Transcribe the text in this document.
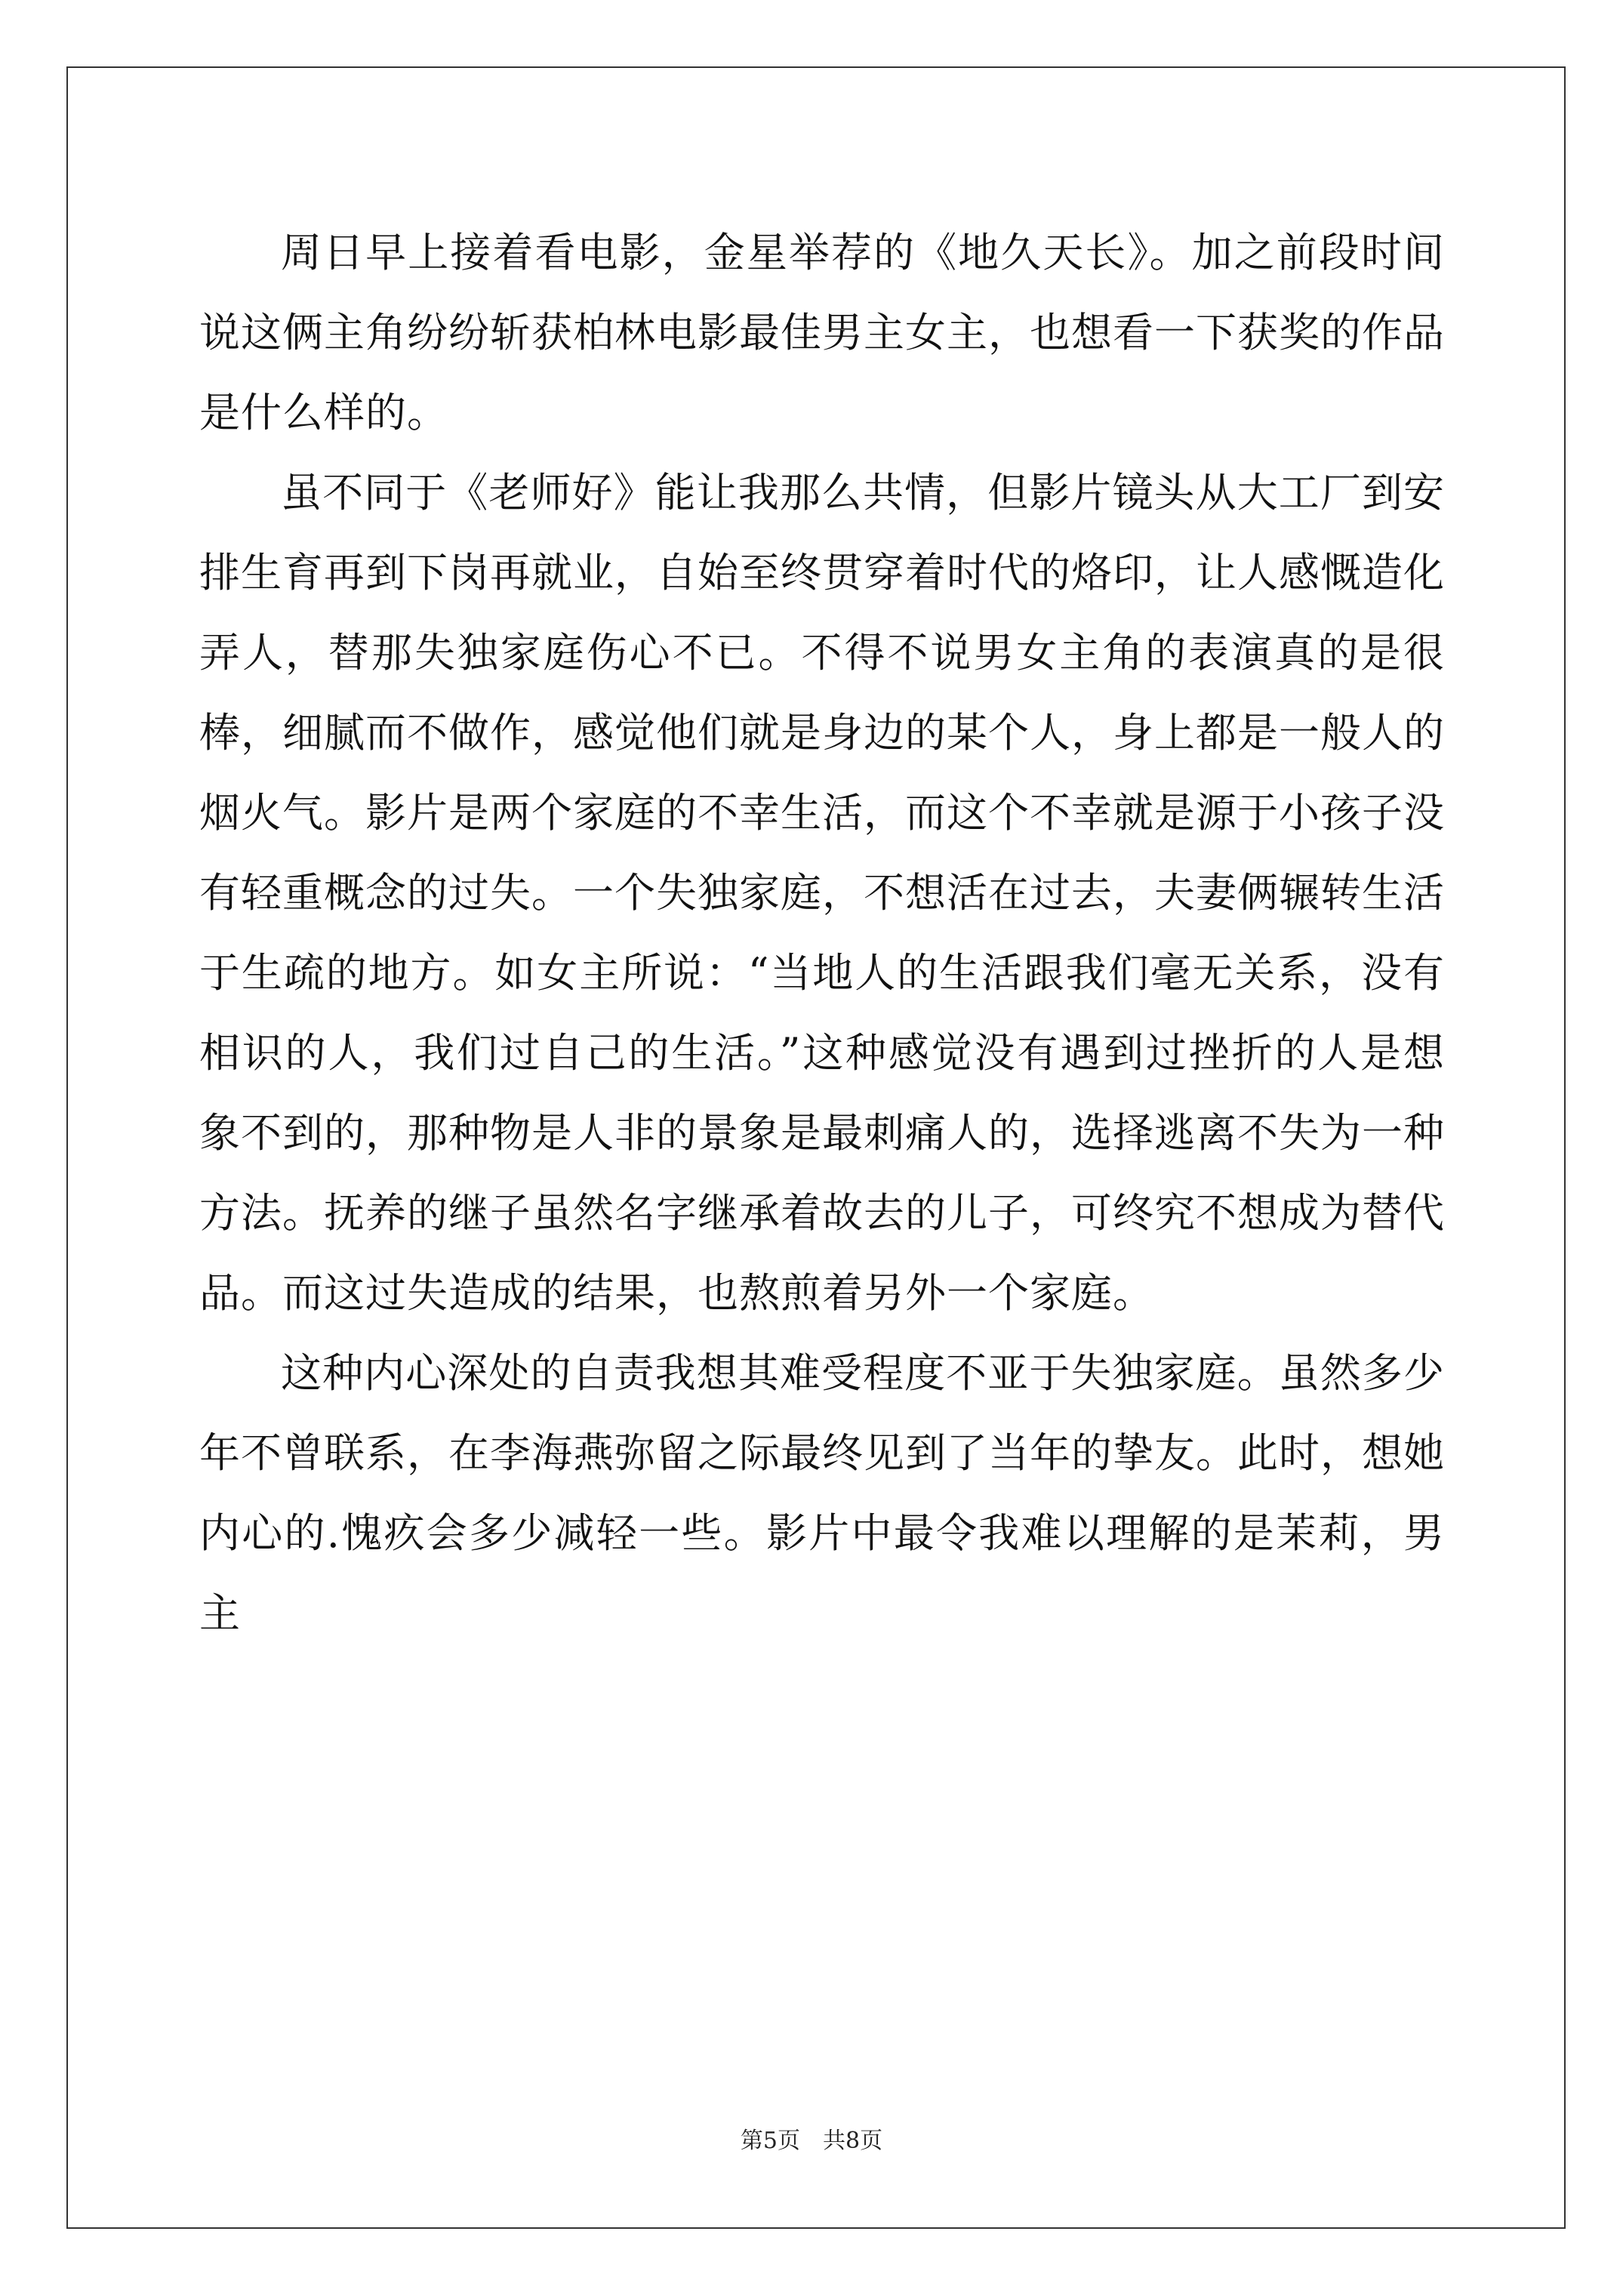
周日早上接着看电影，金星举荐的《地久天长》。加之前段时间说这俩主角纷纷斩获柏林电影最佳男主女主，也想看一下获奖的作品是什么样的。

虽不同于《老师好》能让我那么共情，但影片镜头从大工厂到安排生育再到下岗再就业，自始至终贯穿着时代的烙印，让人感慨造化弄人，替那失独家庭伤心不已。不得不说男女主角的表演真的是很棒，细腻而不做作，感觉他们就是身边的某个人，身上都是一般人的烟火气。影片是两个家庭的不幸生活，而这个不幸就是源于小孩子没有轻重概念的过失。一个失独家庭，不想活在过去，夫妻俩辗转生活于生疏的地方。如女主所说：“当地人的生活跟我们毫无关系，没有相识的人，我们过自己的生活。”这种感觉没有遇到过挫折的人是想象不到的，那种物是人非的景象是最刺痛人的，选择逃离不失为一种方法。抚养的继子虽然名字继承着故去的儿子，可终究不想成为替代品。而这过失造成的结果，也熬煎着另外一个家庭。

这种内心深处的自责我想其难受程度不亚于失独家庭。虽然多少年不曾联系，在李海燕弥留之际最终见到了当年的挚友。此时，想她内心的.愧疚会多少减轻一些。影片中最令我难以理解的是茉莉，男主

第5页　共8页
